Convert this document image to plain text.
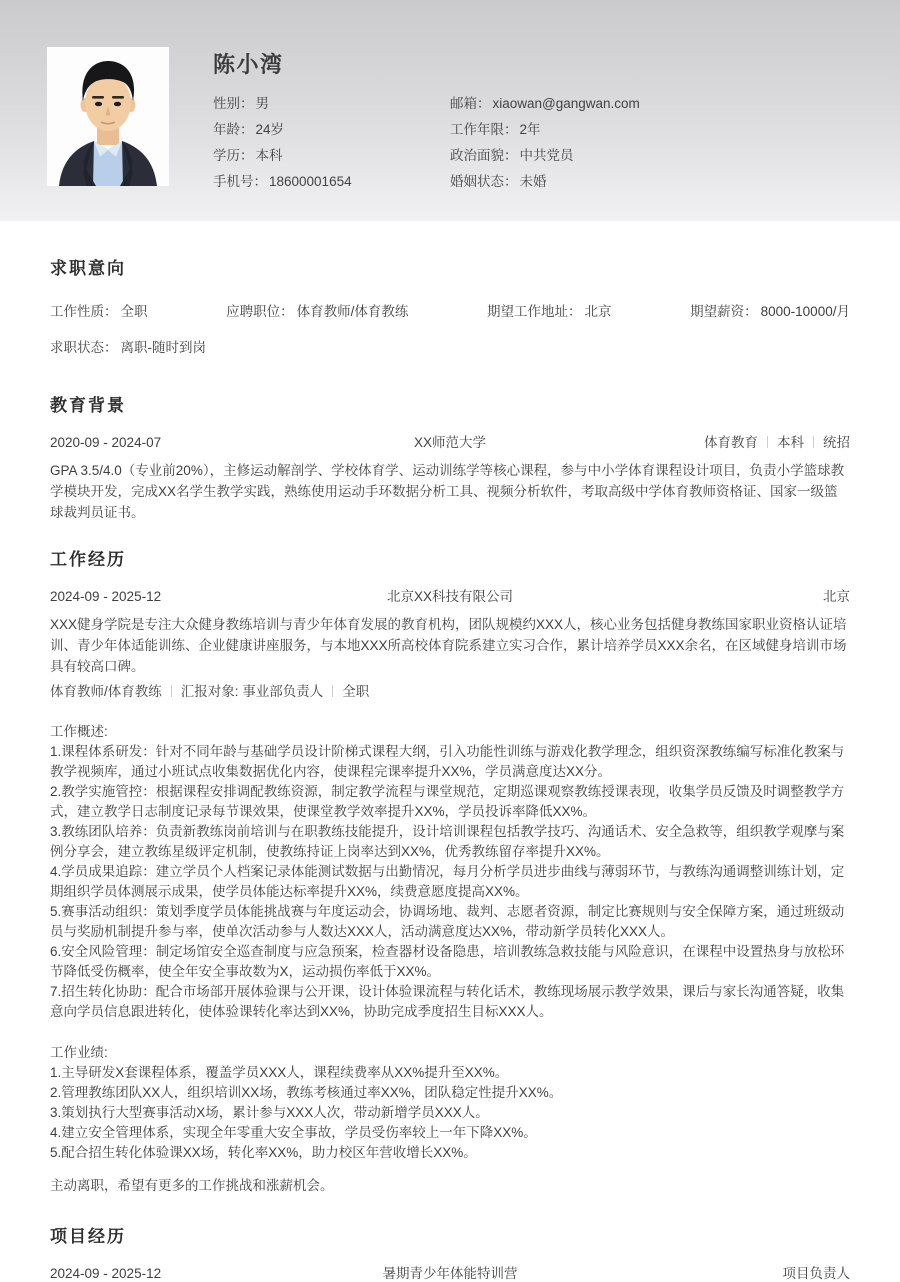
陈小湾
性别： 男	邮箱： xiaowan@gangwan.com
年龄： 24岁	工作年限： 2年
学历： 本科	政治面貌： 中共党员
手机号： 18600001654	婚姻状态： 未婚
求职意向
工作性质： 全职	应聘职位： 体育教师/体育教练	期望工作地址： 北京	期望薪资： 8000-10000/月
求职状态： 离职-随时到岗
教育背景
2020-09 - 2024-07	XX师范大学	体育教育 本科 统招

GPA 3.5/4.0（专业前20%），主修运动解剖学、学校体育学、运动训练学等核心课程，参与中小学体育课程设计项目，负责小学篮球教学模块开发，完成XX名学生教学实践，熟练使用运动手环数据分析工具、视频分析软件，考取高级中学体育教师资格证、国家一级篮球裁判员证书。

工作经历
2024-09 - 2025-12	北京XX科技有限公司	北京

XXX健身学院是专注大众健身教练培训与青少年体育发展的教育机构，团队规模约XXX人，核心业务包括健身教练国家职业资格认证培训、青少年体适能训练、企业健康讲座服务，与本地XXX所高校体育院系建立实习合作，累计培养学员XXX余名，在区域健身培训市场具有较高口碑。

体育教师/体育教练 汇报对象: 事业部负责人 全职

工作概述:

1.课程体系研发：针对不同年龄与基础学员设计阶梯式课程大纲，引入功能性训练与游戏化教学理念，组织资深教练编写标准化教案与教学视频库，通过小班试点收集数据优化内容，使课程完课率提升XX%，学员满意度达XX分。

2.教学实施管控：根据课程安排调配教练资源，制定教学流程与课堂规范，定期巡课观察教练授课表现，收集学员反馈及时调整教学方式，建立教学日志制度记录每节课效果，使课堂教学效率提升XX%，学员投诉率降低XX%。

3.教练团队培养：负责新教练岗前培训与在职教练技能提升，设计培训课程包括教学技巧、沟通话术、安全急救等，组织教学观摩与案例分享会，建立教练星级评定机制，使教练持证上岗率达到XX%，优秀教练留存率提升XX%。

4.学员成果追踪：建立学员个人档案记录体能测试数据与出勤情况，每月分析学员进步曲线与薄弱环节，与教练沟通调整训练计划，定期组织学员体测展示成果，使学员体能达标率提升XX%，续费意愿度提高XX%。

5.赛事活动组织：策划季度学员体能挑战赛与年度运动会，协调场地、裁判、志愿者资源，制定比赛规则与安全保障方案，通过班级动员与奖励机制提升参与率，使单次活动参与人数达XXX人，活动满意度达XX%，带动新学员转化XXX人。

6.安全风险管理：制定场馆安全巡查制度与应急预案，检查器材设备隐患，培训教练急救技能与风险意识，在课程中设置热身与放松环节降低受伤概率，使全年安全事故数为X，运动损伤率低于XX%。

7.招生转化协助：配合市场部开展体验课与公开课，设计体验课流程与转化话术，教练现场展示教学效果，课后与家长沟通答疑，收集意向学员信息跟进转化，使体验课转化率达到XX%，协助完成季度招生目标XXX人。

工作业绩:

1.主导研发X套课程体系，覆盖学员XXX人，课程续费率从XX%提升至XX%。

2.管理教练团队XX人，组织培训XX场，教练考核通过率XX%，团队稳定性提升XX%。

3.策划执行大型赛事活动X场，累计参与XXX人次，带动新增学员XXX人。

4.建立安全管理体系，实现全年零重大安全事故，学员受伤率较上一年下降XX%。

5.配合招生转化体验课XX场，转化率XX%，助力校区年营收增长XX%。

主动离职，希望有更多的工作挑战和涨薪机会。

项目经历
2024-09 - 2025-12	暑期青少年体能特训营	项目负责人
